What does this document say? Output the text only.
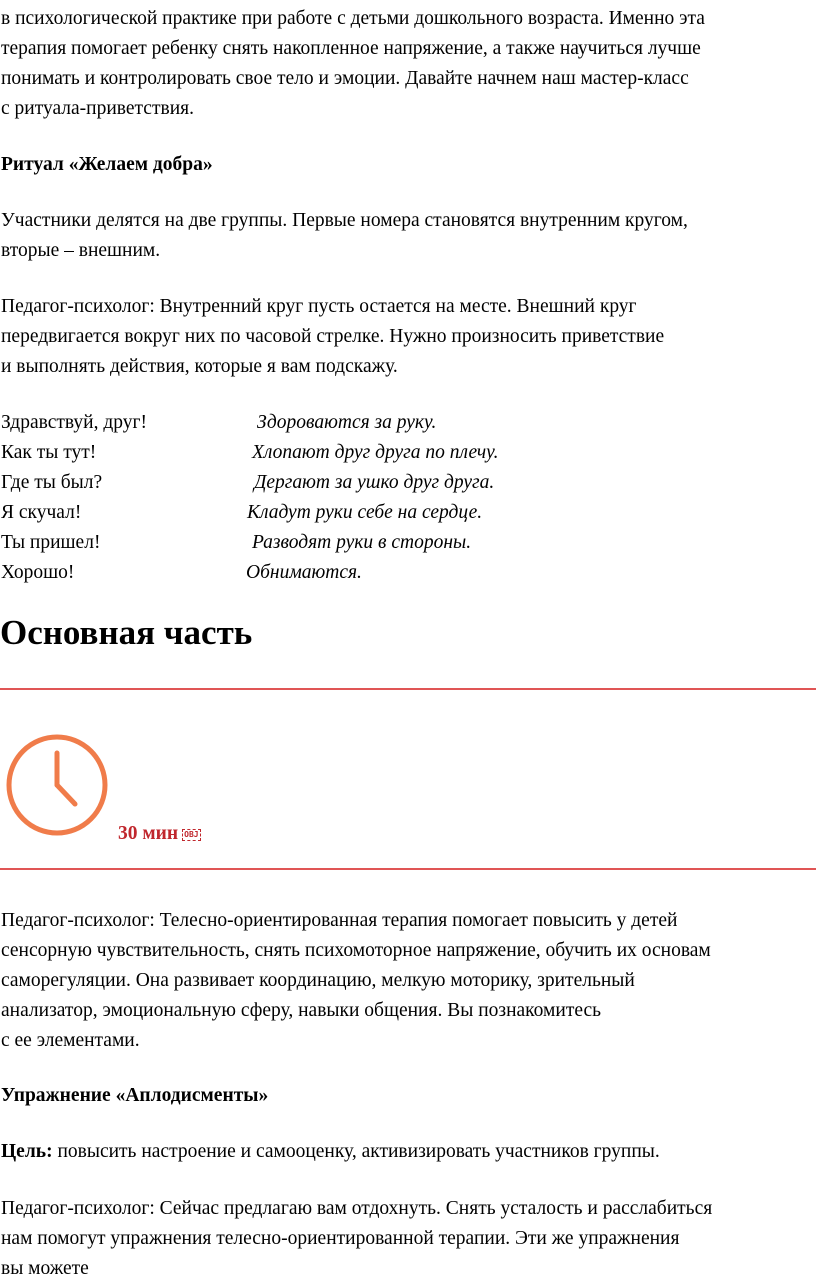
в психологической практике при работе с детьми дошкольного возраста. Именно эта
терапия помогает ребенку снять накопленное напряжение, а также научиться лучше
понимать и контролировать свое тело и эмоции. Давайте начнем наш мастер-класс
с ритуала-приветствия.

Ритуал «Желаем добра»

Участники делятся на две группы. Первые номера становятся внутренним кругом,
вторые – внешним.

Педагог-психолог: Внутренний круг пусть остается на месте. Внешний круг
передвигается вокруг них по часовой стрелке. Нужно произносить приветствие
и выполнять действия, которые я вам подскажу.

Здравствуй, друг!	Здороваются за руку.
Как ты тут!	Хлопают друг друга по плечу.
Где ты был?	Дергают за ушко друг друга.
Я скучал!	Кладут руки себе на сердце.
Ты пришел!	Разводят руки в стороны.
Хорошо!	Обнимаются.
Основная часть
30 мин OBJ

Педагог-психолог: Телесно-ориентированная терапия помогает повысить у детей
сенсорную чувствительность, снять психомоторное напряжение, обучить их основам
саморегуляции. Она развивает координацию, мелкую моторику, зрительный
анализатор, эмоциональную сферу, навыки общения. Вы познакомитесь
с ее элементами.

Упражнение «Аплодисменты»

Цель: повысить настроение и самооценку, активизировать участников группы.

Педагог-психолог: Сейчас предлагаю вам отдохнуть. Снять усталость и расслабиться
нам помогут упражнения телесно-ориентированной терапии. Эти же упражнения
вы можете
